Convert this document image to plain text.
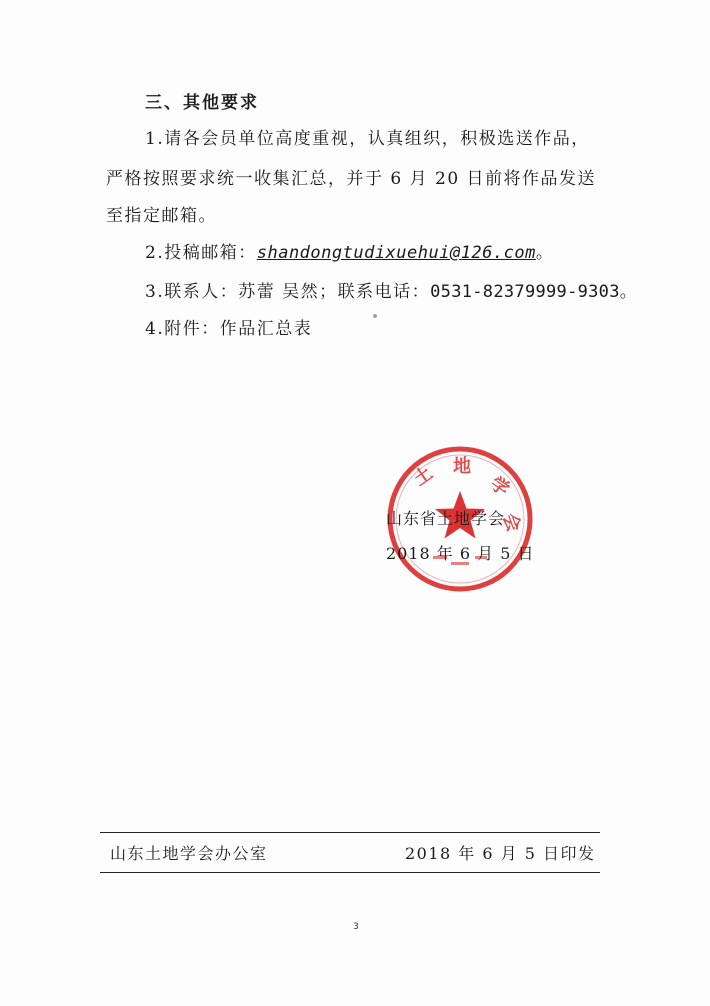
三、其他要求
1.请各会员单位高度重视，认真组织，积极选送作品，
严格按照要求统一收集汇总，并于 6 月 20 日前将作品发送
至指定邮箱。
2.投稿邮箱：shandongtudixuehui@126.com。
3.联系人：苏蕾 吴然；联系电话：0531-82379999-9303。
4.附件：作品汇总表
土 地
学
会
山东省土地学会
2018 年 6 月 5 日
山东土地学会办公室	2018 年 6 月 5 日印发
3
